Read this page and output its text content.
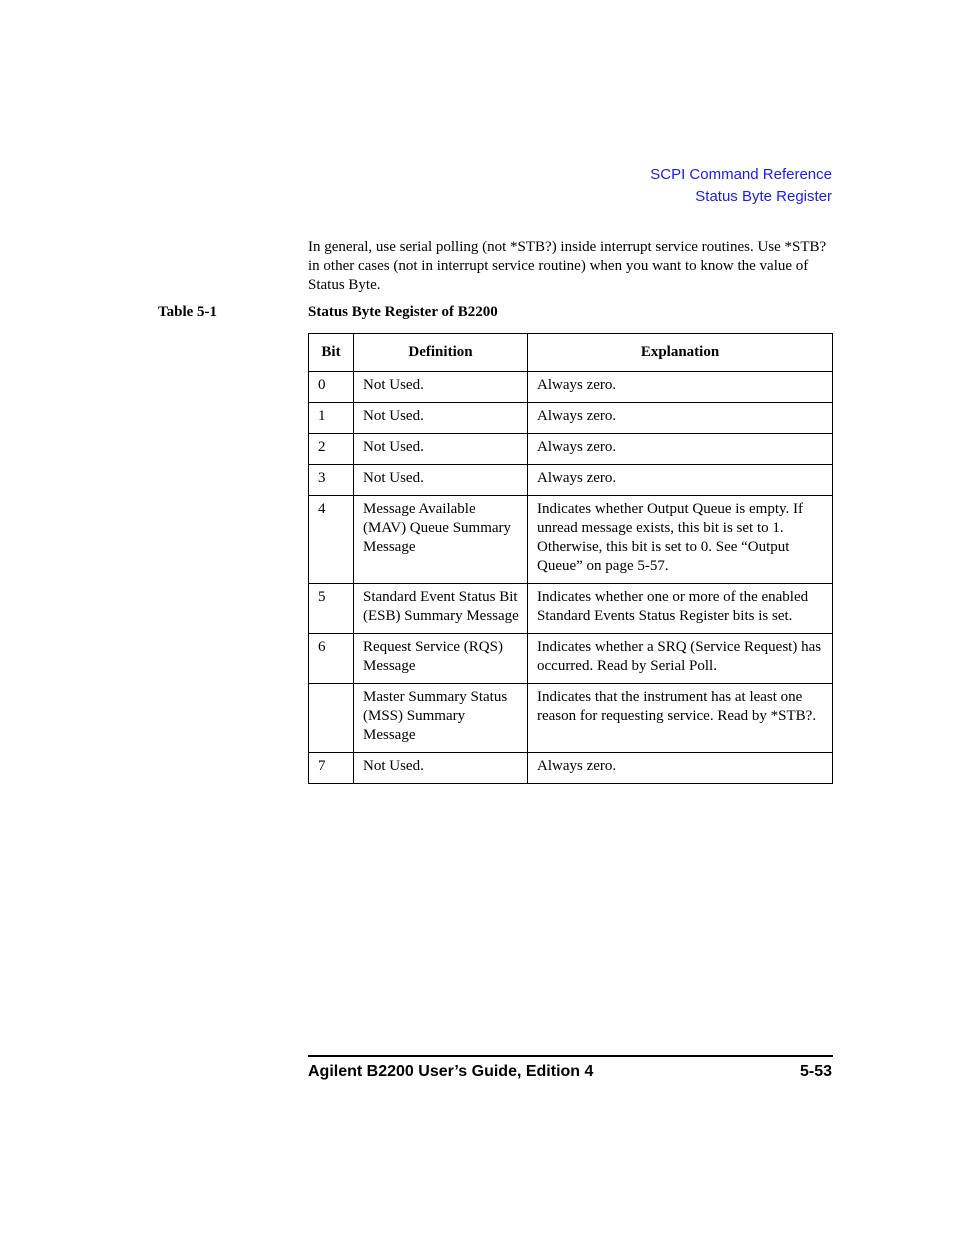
SCPI Command Reference
Status Byte Register

In general, use serial polling (not *STB?) inside interrupt service routines. Use *STB? in other cases (not in interrupt service routine) when you want to know the value of Status Byte.

Table 5-1	Status Byte Register of B2200
Bit	Definition	Explanation
0	Not Used.	Always zero.
1	Not Used.	Always zero.
2	Not Used.	Always zero.
3	Not Used.	Always zero.
4	Message Available (MAV) Queue Summary Message	Indicates whether Output Queue is empty. If unread message exists, this bit is set to 1. Otherwise, this bit is set to 0. See “Output Queue” on page 5-57.
5	Standard Event Status Bit (ESB) Summary Message	Indicates whether one or more of the enabled Standard Events Status Register bits is set.
6	Request Service (RQS) Message	Indicates whether a SRQ (Service Request) has occurred. Read by Serial Poll.
	Master Summary Status (MSS) Summary Message	Indicates that the instrument has at least one reason for requesting service. Read by *STB?.
7	Not Used.	Always zero.
Agilent B2200 User’s Guide, Edition 4	5-53
